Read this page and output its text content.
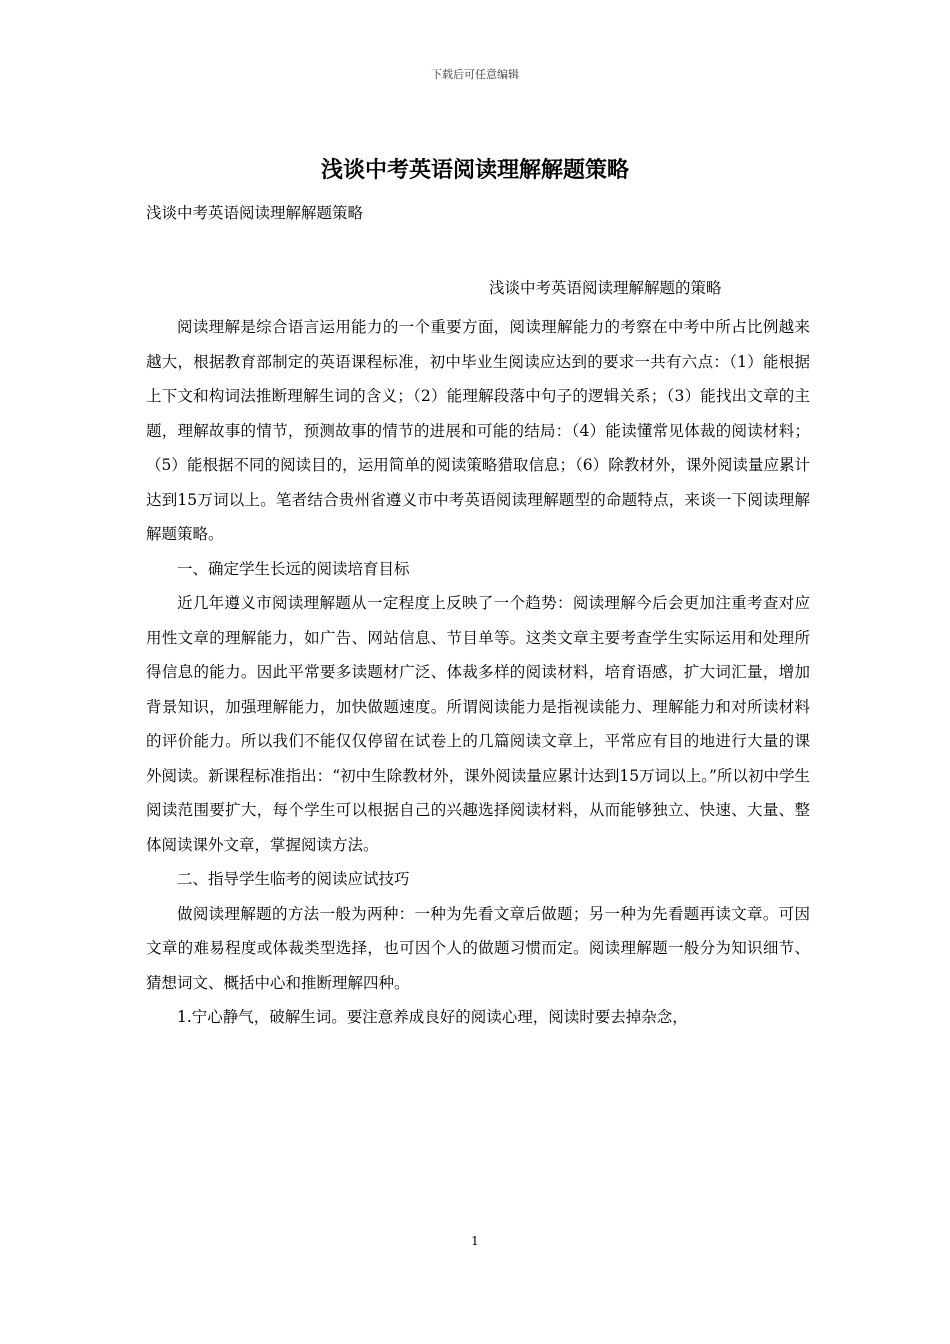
下载后可任意编辑
浅谈中考英语阅读理解解题策略
浅谈中考英语阅读理解解题策略
浅谈中考英语阅读理解解题的策略

阅读理解是综合语言运用能力的一个重要方面，阅读理解能力的考察在中考中所占比例越来越大，根据教育部制定的英语课程标准，初中毕业生阅读应达到的要求一共有六点：（1）能根据上下文和构词法推断理解生词的含义；（2）能理解段落中句子的逻辑关系；（3）能找出文章的主题，理解故事的情节，预测故事的情节的进展和可能的结局：（4）能读懂常见体裁的阅读材料；（5）能根据不同的阅读目的，运用简单的阅读策略猎取信息；（6）除教材外，课外阅读量应累计达到15万词以上。笔者结合贵州省遵义市中考英语阅读理解题型的命题特点，来谈一下阅读理解解题策略。

一、确定学生长远的阅读培育目标

近几年遵义市阅读理解题从一定程度上反映了一个趋势：阅读理解今后会更加注重考查对应用性文章的理解能力，如广告、网站信息、节目单等。这类文章主要考查学生实际运用和处理所得信息的能力。因此平常要多读题材广泛、体裁多样的阅读材料，培育语感，扩大词汇量，增加背景知识，加强理解能力，加快做题速度。所谓阅读能力是指视读能力、理解能力和对所读材料的评价能力。所以我们不能仅仅停留在试卷上的几篇阅读文章上，平常应有目的地进行大量的课外阅读。新课程标准指出：“初中生除教材外，课外阅读量应累计达到15万词以上。”所以初中学生阅读范围要扩大，每个学生可以根据自己的兴趣选择阅读材料，从而能够独立、快速、大量、整体阅读课外文章，掌握阅读方法。

二、指导学生临考的阅读应试技巧

做阅读理解题的方法一般为两种：一种为先看文章后做题；另一种为先看题再读文章。可因文章的难易程度或体裁类型选择，也可因个人的做题习惯而定。阅读理解题一般分为知识细节、猜想词文、概括中心和推断理解四种。

1.宁心静气，破解生词。要注意养成良好的阅读心理，阅读时要去掉杂念，

1
